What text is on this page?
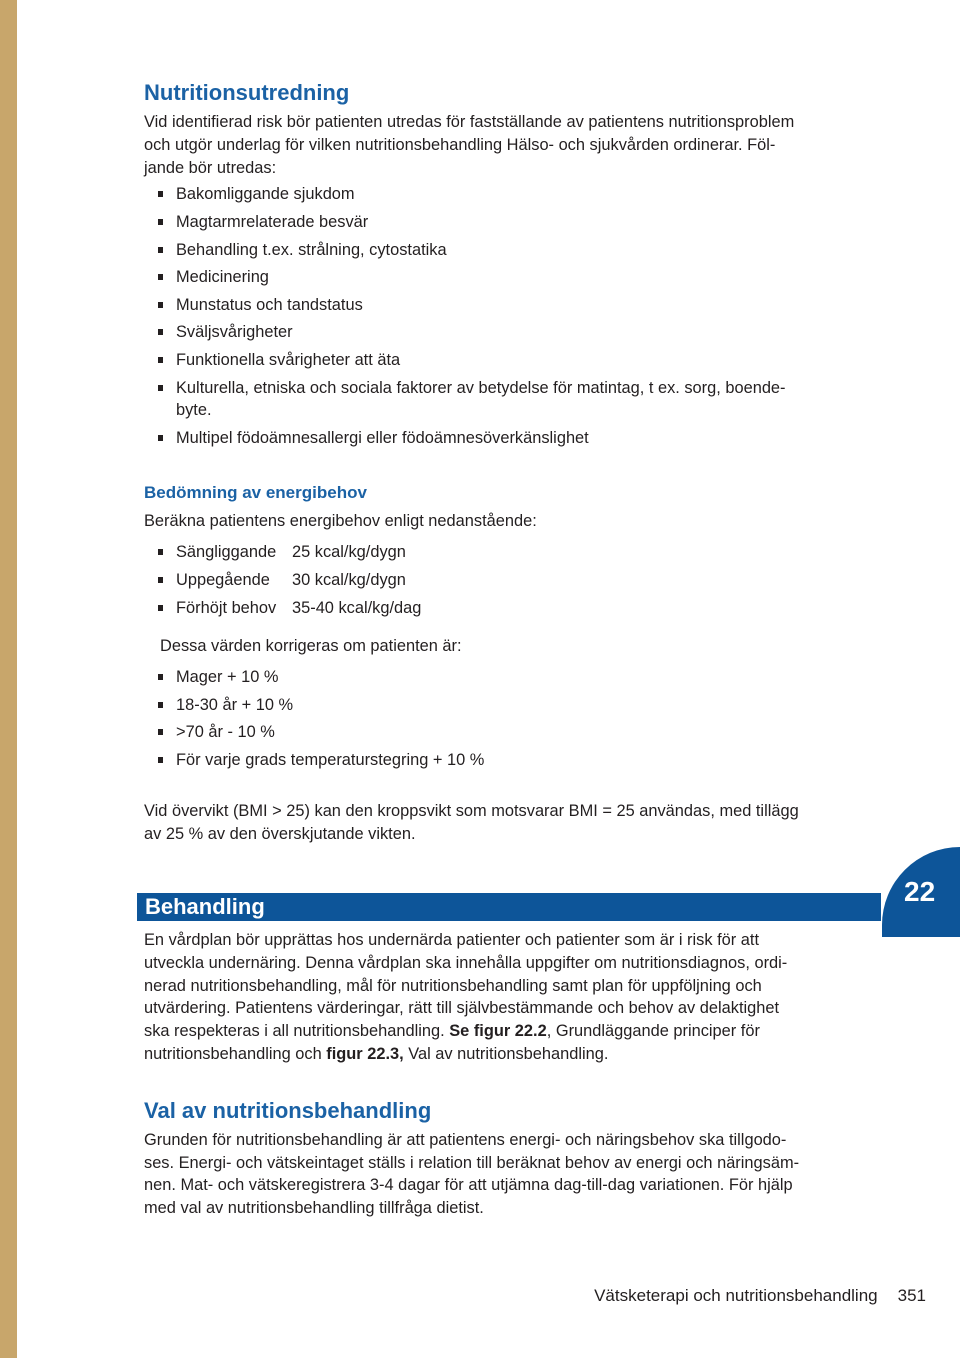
Nutritionsutredning

Vid identifierad risk bör patienten utredas för fastställande av patientens nutritionsproblem
och utgör underlag för vilken nutritionsbehandling Hälso- och sjukvården ordinerar. Föl-
jande bör utredas:

Bakomliggande sjukdom
Magtarmrelaterade besvär
Behandling t.ex. strålning, cytostatika
Medicinering
Munstatus och tandstatus
Sväljsvårigheter
Funktionella svårigheter att äta
Kulturella, etniska och sociala faktorer av betydelse för matintag, t ex. sorg, boende-
byte.
Multipel födoämnesallergi eller födoämnesöverkänslighet
Bedömning av energibehov

Beräkna patientens energibehov enligt nedanstående:

Sängliggande 25 kcal/kg/dygn
Uppegående 30 kcal/kg/dygn
Förhöjt behov 35-40 kcal/kg/dag

Dessa värden korrigeras om patienten är:

Mager + 10 %
18-30 år + 10 %
>70 år - 10 %
För varje grads temperaturstegring + 10 %

Vid övervikt (BMI > 25) kan den kroppsvikt som motsvarar BMI = 25 användas, med tillägg
av 25 % av den överskjutande vikten.

Behandling	22

En vårdplan bör upprättas hos undernärda patienter och patienter som är i risk för att
utveckla undernäring. Denna vårdplan ska innehålla uppgifter om nutritionsdiagnos, ordi-
nerad nutritionsbehandling, mål för nutritionsbehandling samt plan för uppföljning och
utvärdering. Patientens värderingar, rätt till självbestämmande och behov av delaktighet
ska respekteras i all nutritionsbehandling. Se figur 22.2, Grundläggande principer för
nutritionsbehandling och figur 22.3, Val av nutritionsbehandling.

Val av nutritionsbehandling

Grunden för nutritionsbehandling är att patientens energi- och näringsbehov ska tillgodo-
ses. Energi- och vätskeintaget ställs i relation till beräknat behov av energi och näringsäm-
nen. Mat- och vätskeregistrera 3-4 dagar för att utjämna dag-till-dag variationen. För hjälp
med val av nutritionsbehandling tillfråga dietist.

Vätsketerapi och nutritionsbehandling 351
